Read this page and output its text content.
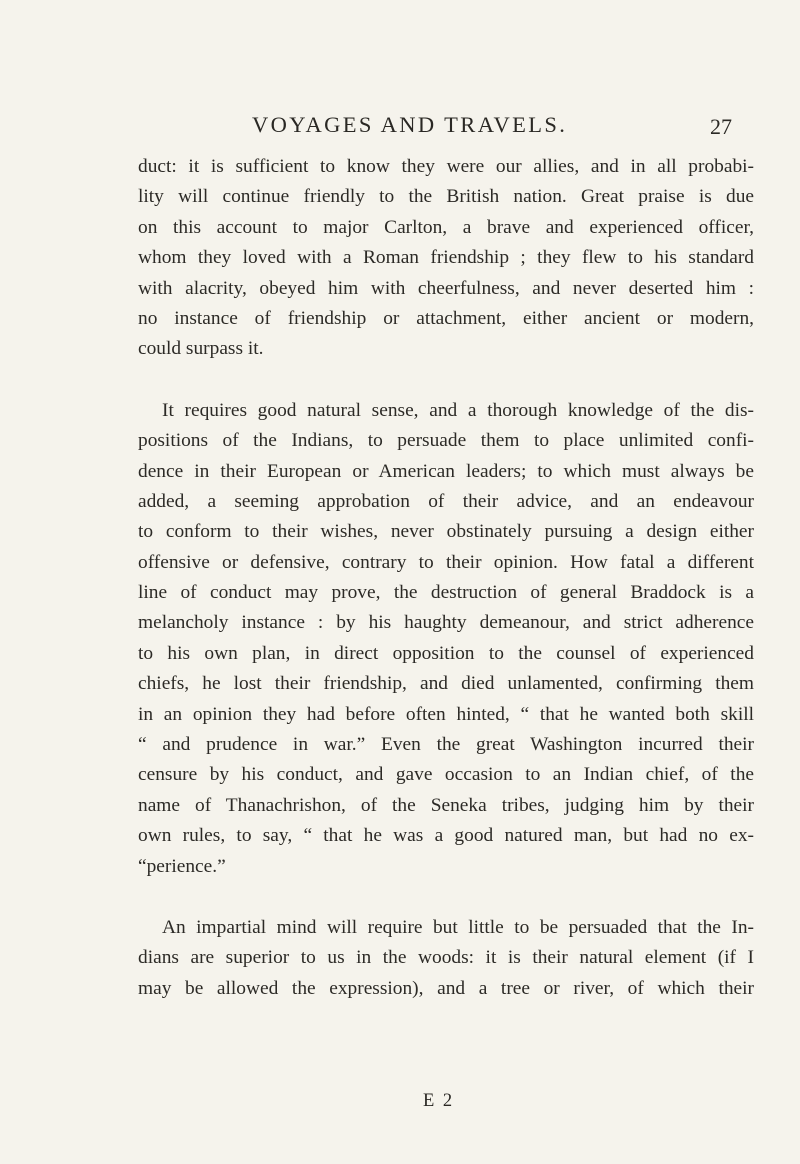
VOYAGES AND TRAVELS.	27

duct: it is sufficient to know they were our allies, and in all probabi-
lity will continue friendly to the British nation. Great praise is due
on this account to major Carlton, a brave and experienced officer,
whom they loved with a Roman friendship ; they flew to his standard
with alacrity, obeyed him with cheerfulness, and never deserted him :
no instance of friendship or attachment, either ancient or modern,
could surpass it.

It requires good natural sense, and a thorough knowledge of the dis-
positions of the Indians, to persuade them to place unlimited confi-
dence in their European or American leaders; to which must always be
added, a seeming approbation of their advice, and an endeavour
to conform to their wishes, never obstinately pursuing a design either
offensive or defensive, contrary to their opinion. How fatal a different
line of conduct may prove, the destruction of general Braddock is a
melancholy instance : by his haughty demeanour, and strict adherence
to his own plan, in direct opposition to the counsel of experienced
chiefs, he lost their friendship, and died unlamented, confirming them
in an opinion they had before often hinted, “ that he wanted both skill
“ and prudence in war.” Even the great Washington incurred their
censure by his conduct, and gave occasion to an Indian chief, of the
name of Thanachrishon, of the Seneka tribes, judging him by their
own rules, to say, “ that he was a good natured man, but had no ex-
“perience.”

An impartial mind will require but little to be persuaded that the In-
dians are superior to us in the woods: it is their natural element (if I
may be allowed the expression), and a tree or river, of which their

E 2
